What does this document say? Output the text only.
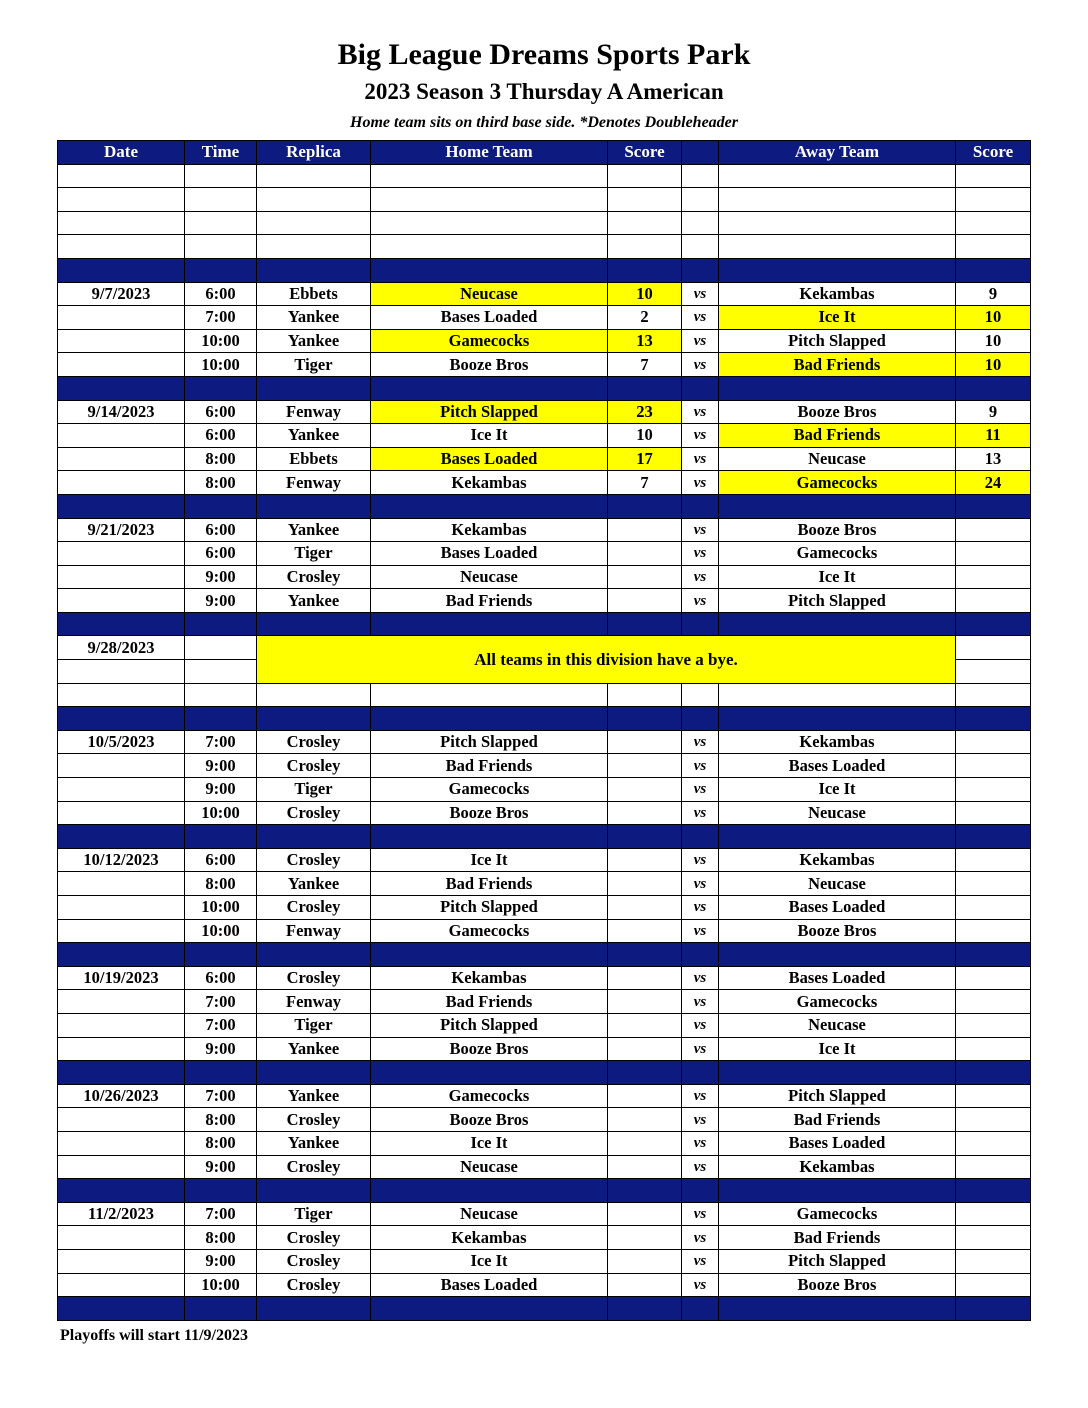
Big League Dreams Sports Park
2023 Season 3 Thursday A American
Home team sits on third base side. *Denotes Doubleheader
Date	Time	Replica	Home Team	Score		Away Team	Score

9/7/2023	6:00	Ebbets	Neucase	10	vs	Kekambas	9
	7:00	Yankee	Bases Loaded	2	vs	Ice It	10
	10:00	Yankee	Gamecocks	13	vs	Pitch Slapped	10
	10:00	Tiger	Booze Bros	7	vs	Bad Friends	10

9/14/2023	6:00	Fenway	Pitch Slapped	23	vs	Booze Bros	9
	6:00	Yankee	Ice It	10	vs	Bad Friends	11
	8:00	Ebbets	Bases Loaded	17	vs	Neucase	13
	8:00	Fenway	Kekambas	7	vs	Gamecocks	24

9/21/2023	6:00	Yankee	Kekambas		vs	Booze Bros	
	6:00	Tiger	Bases Loaded		vs	Gamecocks	
	9:00	Crosley	Neucase		vs	Ice It	
	9:00	Yankee	Bad Friends		vs	Pitch Slapped	

9/28/2023		All teams in this division have a bye.					

10/5/2023	7:00	Crosley	Pitch Slapped		vs	Kekambas	
	9:00	Crosley	Bad Friends		vs	Bases Loaded	
	9:00	Tiger	Gamecocks		vs	Ice It	
	10:00	Crosley	Booze Bros		vs	Neucase	

10/12/2023	6:00	Crosley	Ice It		vs	Kekambas	
	8:00	Yankee	Bad Friends		vs	Neucase	
	10:00	Crosley	Pitch Slapped		vs	Bases Loaded	
	10:00	Fenway	Gamecocks		vs	Booze Bros	

10/19/2023	6:00	Crosley	Kekambas		vs	Bases Loaded	
	7:00	Fenway	Bad Friends		vs	Gamecocks	
	7:00	Tiger	Pitch Slapped		vs	Neucase	
	9:00	Yankee	Booze Bros		vs	Ice It	

10/26/2023	7:00	Yankee	Gamecocks		vs	Pitch Slapped	
	8:00	Crosley	Booze Bros		vs	Bad Friends	
	8:00	Yankee	Ice It		vs	Bases Loaded	
	9:00	Crosley	Neucase		vs	Kekambas	

11/2/2023	7:00	Tiger	Neucase		vs	Gamecocks	
	8:00	Crosley	Kekambas		vs	Bad Friends	
	9:00	Crosley	Ice It		vs	Pitch Slapped	
	10:00	Crosley	Bases Loaded		vs	Booze Bros	

Playoffs will start 11/9/2023
